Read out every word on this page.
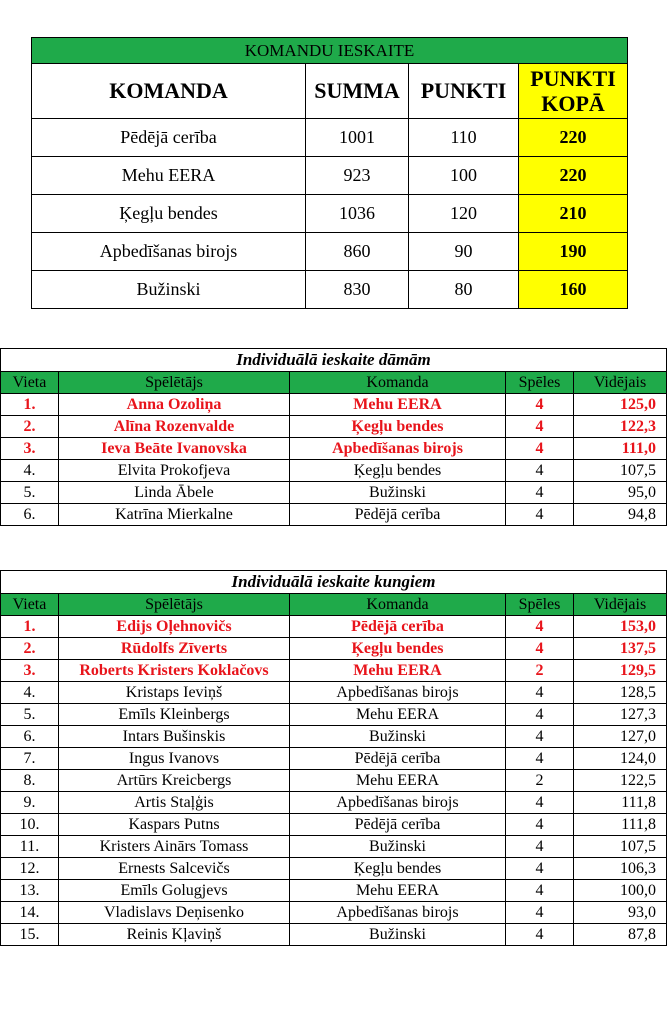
KOMANDU IESKAITE			
KOMANDA	SUMMA	PUNKTI	PUNKTI
KOPĀ
Pēdējā cerība	1001	110	220
Mehu EERA	923	100	220
Ķegļu bendes	1036	120	210
Apbedīšanas birojs	860	90	190
Bužinski	830	80	160
Individuālā ieskaite dāmām				
Vieta	Spēlētājs	Komanda	Spēles	Vidējais
1.	Anna Ozoliņa	Mehu EERA	4	125,0
2.	Alīna Rozenvalde	Ķegļu bendes	4	122,3
3.	Ieva Beāte Ivanovska	Apbedīšanas birojs	4	111,0
4.	Elvita Prokofjeva	Ķegļu bendes	4	107,5
5.	Linda Ābele	Bužinski	4	95,0
6.	Katrīna Mierkalne	Pēdējā cerība	4	94,8
Individuālā ieskaite kungiem				
Vieta	Spēlētājs	Komanda	Spēles	Vidējais
1.	Edijs Oļehnovičs	Pēdējā cerība	4	153,0
2.	Rūdolfs Zīverts	Ķegļu bendes	4	137,5
3.	Roberts Kristers Koklačovs	Mehu EERA	2	129,5
4.	Kristaps Ieviņš	Apbedīšanas birojs	4	128,5
5.	Emīls Kleinbergs	Mehu EERA	4	127,3
6.	Intars Bušinskis	Bužinski	4	127,0
7.	Ingus Ivanovs	Pēdējā cerība	4	124,0
8.	Artūrs Kreicbergs	Mehu EERA	2	122,5
9.	Artis Staļģis	Apbedīšanas birojs	4	111,8
10.	Kaspars Putns	Pēdējā cerība	4	111,8
11.	Kristers Ainārs Tomass	Bužinski	4	107,5
12.	Ernests Salcevičs	Ķegļu bendes	4	106,3
13.	Emīls Golugjevs	Mehu EERA	4	100,0
14.	Vladislavs Deņisenko	Apbedīšanas birojs	4	93,0
15.	Reinis Kļaviņš	Bužinski	4	87,8
